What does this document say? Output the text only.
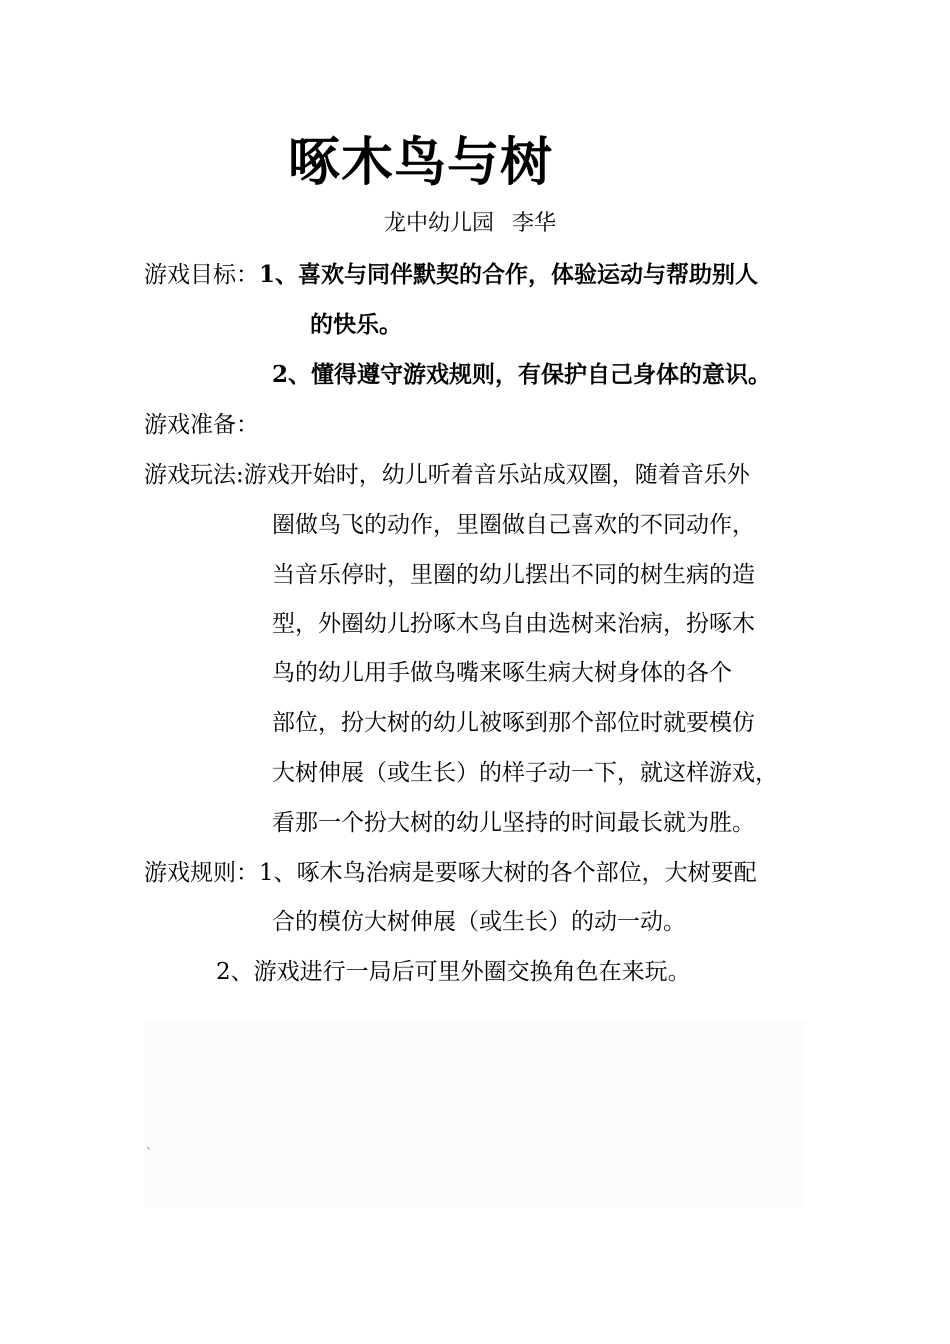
啄木鸟与树
龙中幼儿园 李华
游戏目标：1、喜欢与同伴默契的合作，体验运动与帮助别人
的快乐。
2、懂得遵守游戏规则，有保护自己身体的意识。
游戏准备：
游戏玩法:游戏开始时，幼儿听着音乐站成双圈，随着音乐外
圈做鸟飞的动作，里圈做自己喜欢的不同动作，
当音乐停时，里圈的幼儿摆出不同的树生病的造
型，外圈幼儿扮啄木鸟自由选树来治病，扮啄木
鸟的幼儿用手做鸟嘴来啄生病大树身体的各个
部位，扮大树的幼儿被啄到那个部位时就要模仿
大树伸展（或生长）的样子动一下，就这样游戏，
看那一个扮大树的幼儿坚持的时间最长就为胜。
游戏规则：1、啄木鸟治病是要啄大树的各个部位，大树要配
合的模仿大树伸展（或生长）的动一动。
2、游戏进行一局后可里外圈交换角色在来玩。
`
